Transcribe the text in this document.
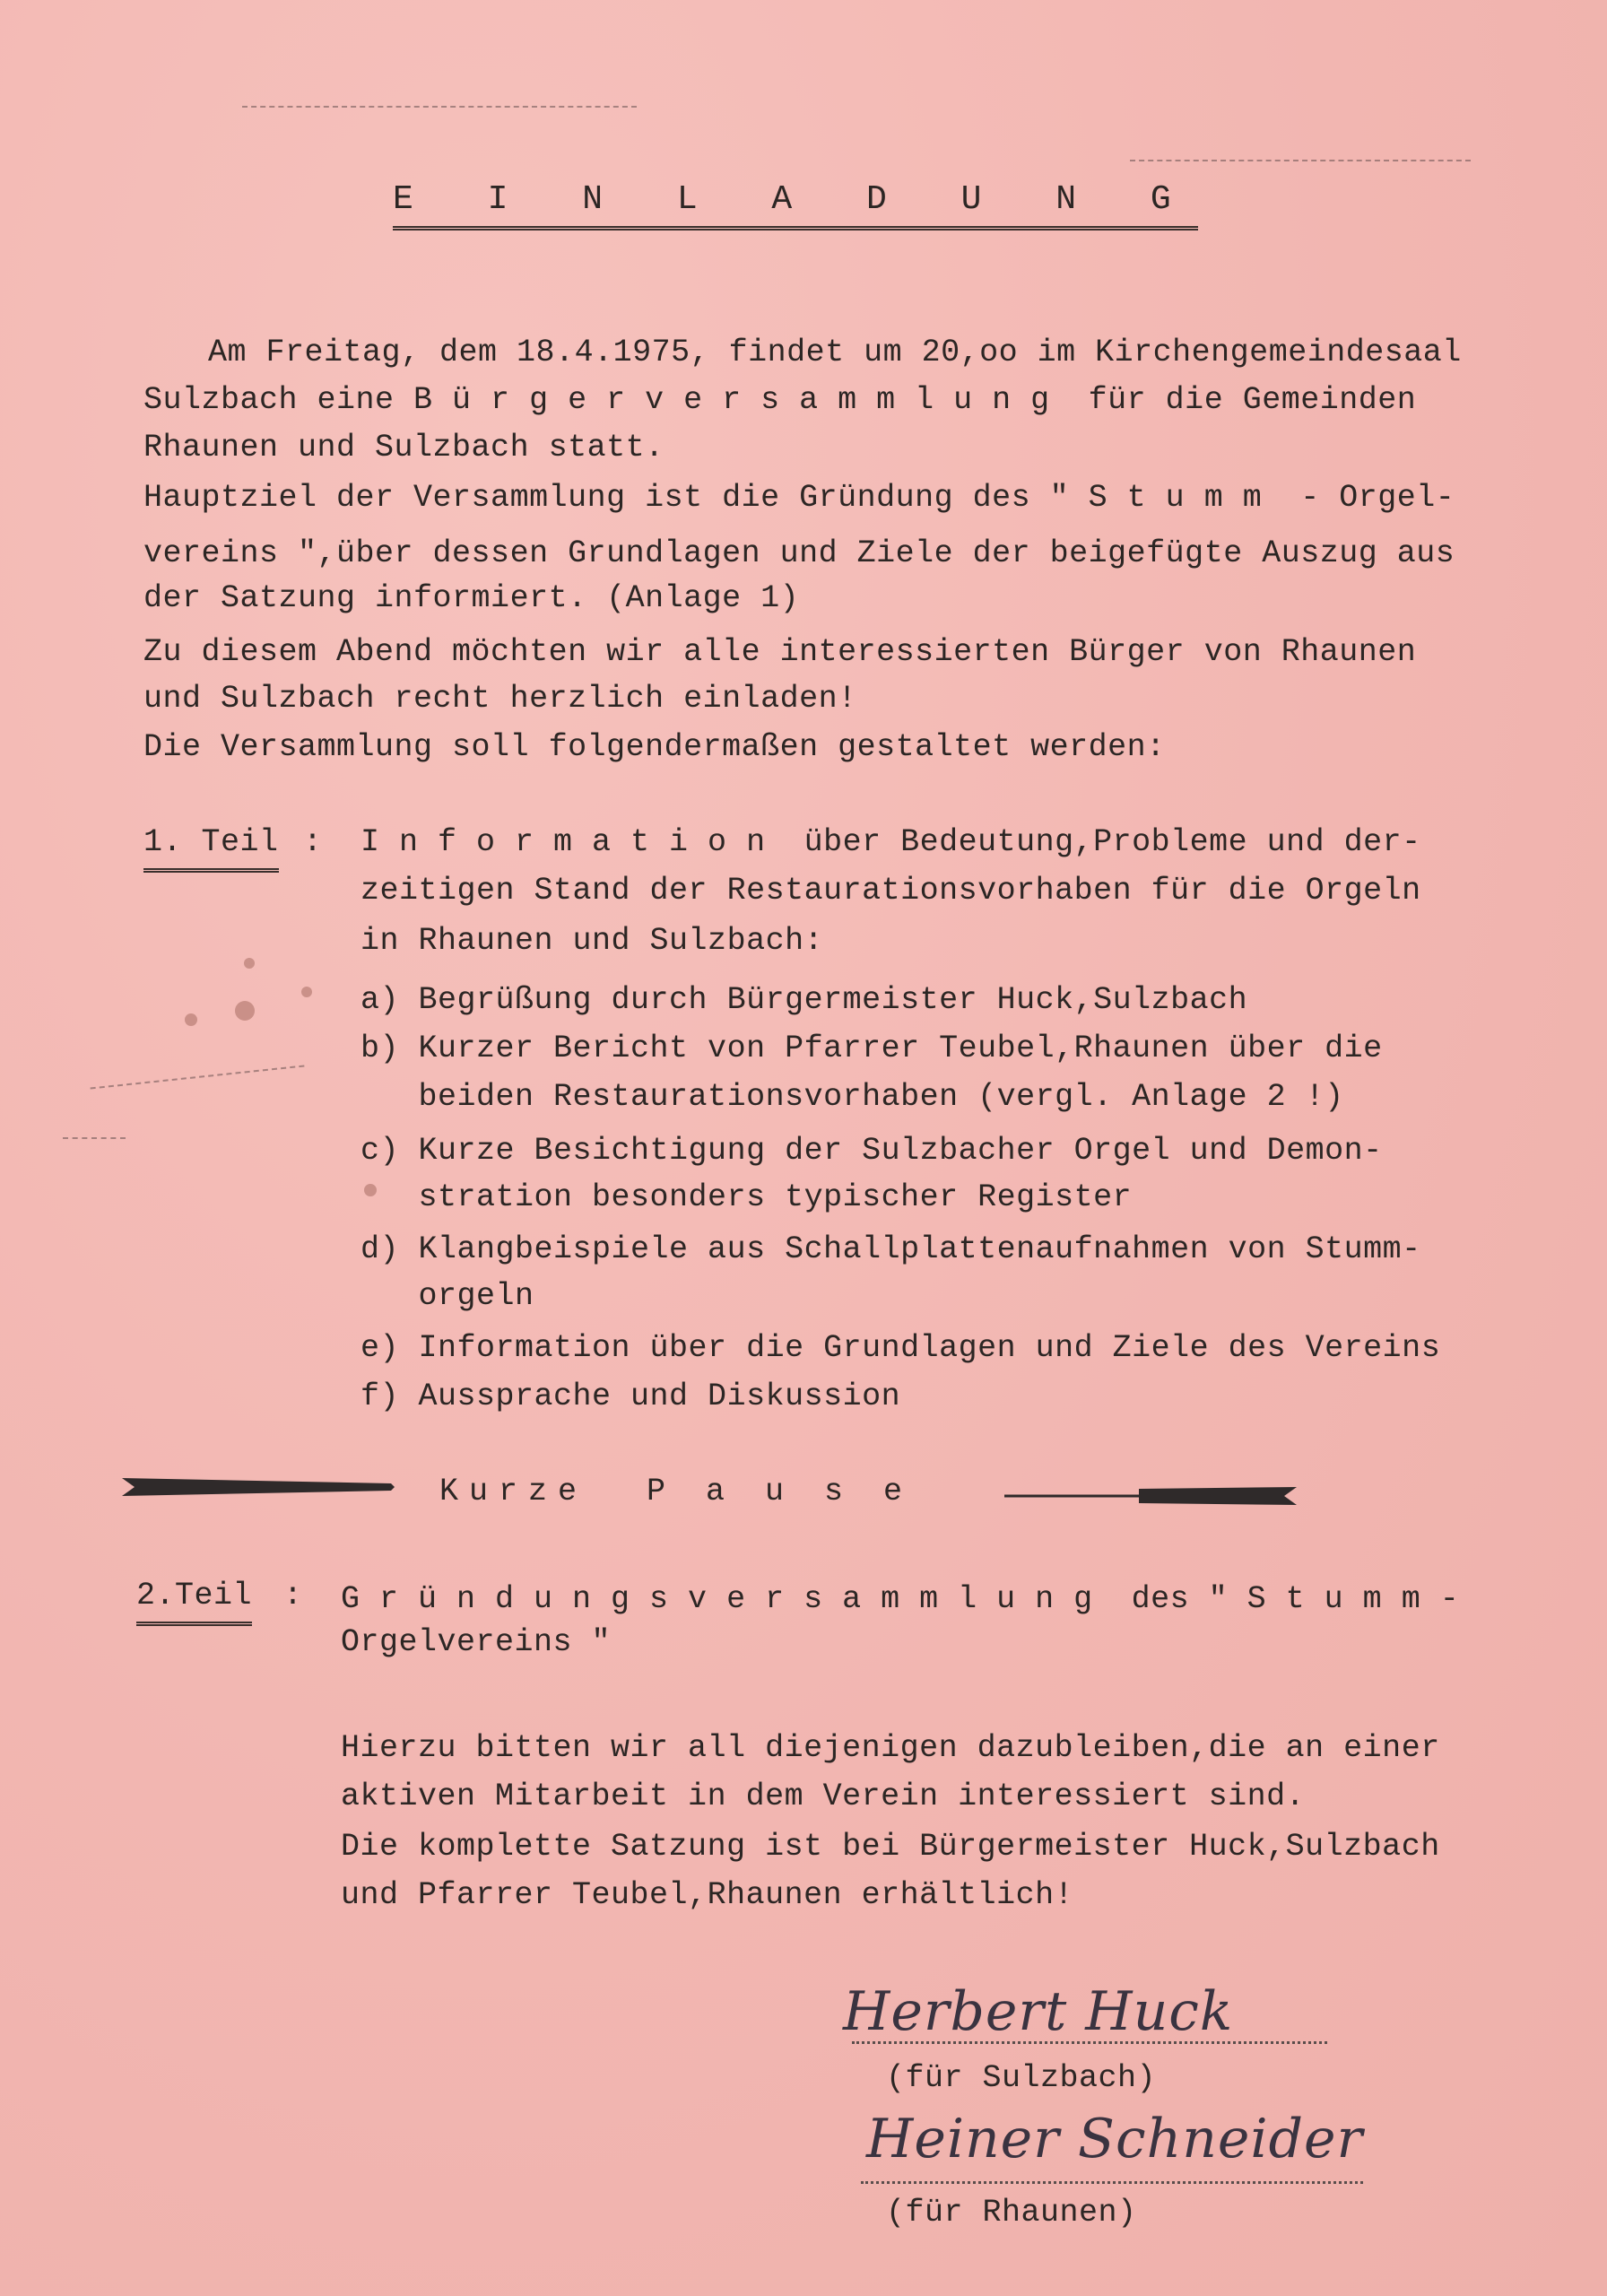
E I N L A D U N G
Am Freitag, dem 18.4.1975, findet um 20,oo im Kirchengemeindesaal
Sulzbach eine B ü r g e r v e r s a m m l u n g  für die Gemeinden
Rhaunen und Sulzbach statt.
Hauptziel der Versammlung ist die Gründung des " S t u m m  - Orgel-
vereins ",über dessen Grundlagen und Ziele der beigefügte Auszug aus
der Satzung informiert. (Anlage 1)
Zu diesem Abend möchten wir alle interessierten Bürger von Rhaunen
und Sulzbach recht herzlich einladen!
Die Versammlung soll folgendermaßen gestaltet werden:
1. Teil : I n f o r m a t i o n  über Bedeutung,Probleme und der-
zeitigen Stand der Restaurationsvorhaben für die Orgeln
in Rhaunen und Sulzbach:
a) Begrüßung durch Bürgermeister Huck,Sulzbach
b) Kurzer Bericht von Pfarrer Teubel,Rhaunen über die
beiden Restaurationsvorhaben (vergl. Anlage 2 !)
c) Kurze Besichtigung der Sulzbacher Orgel und Demon-
stration besonders typischer Register
d) Klangbeispiele aus Schallplattenaufnahmen von Stumm-
orgeln
e) Information über die Grundlagen und Ziele des Vereins
f) Aussprache und Diskussion
Kurze  P a u s e
2.Teil : G r ü n d u n g s v e r s a m m l u n g  des " S t u m m -
Orgelvereins "
Hierzu bitten wir all diejenigen dazubleiben,die an einer
aktiven Mitarbeit in dem Verein interessiert sind.
Die komplette Satzung ist bei Bürgermeister Huck,Sulzbach
und Pfarrer Teubel,Rhaunen erhältlich!
Herbert Huck
(für Sulzbach)
Heiner Schneider
(für Rhaunen)
